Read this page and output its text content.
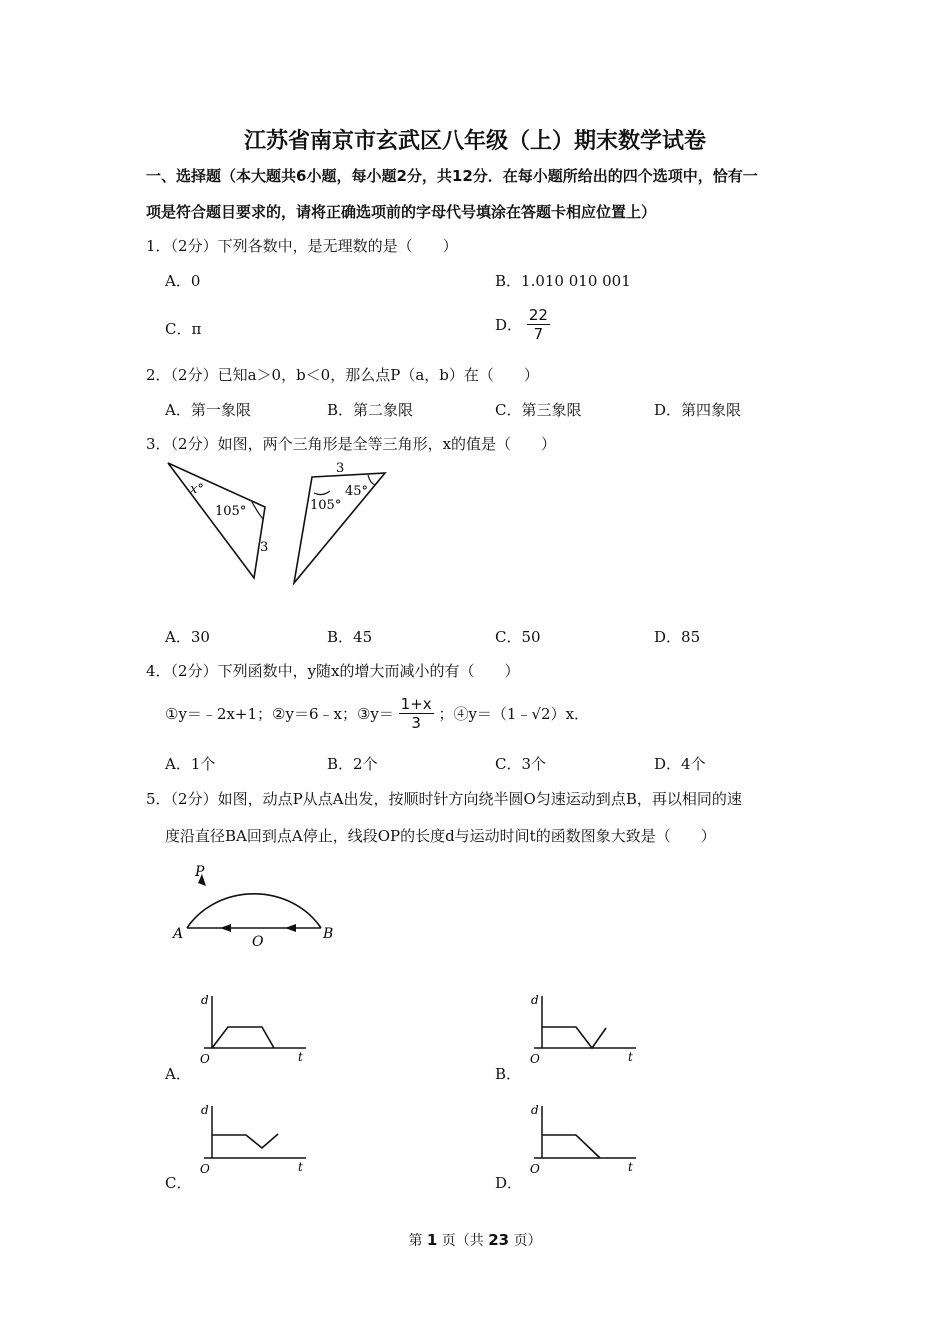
江苏省南京市玄武区八年级（上）期末数学试卷
一、选择题（本大题共6小题，每小题2分，共12分．在每小题所给出的四个选项中，恰有一
项是符合题目要求的，请将正确选项前的字母代号填涂在答题卡相应位置上）
1．（2分）下列各数中，是无理数的是（　　）
A．0	B．1.010 010 001
C．π	D． $\frac{22}{7}$
2．（2分）已知a＞0，b＜0，那么点P（a，b）在（　　）
A．第一象限	B．第二象限	C．第三象限	D．第四象限
3．（2分）如图，两个三角形是全等三角形，x的值是（　　）
x°
105°
3
3
45°
105°
A．30	B．45	C．50	D．85
4．（2分）下列函数中，y随x的增大而减小的有（　　）
①y＝﹣2x+1；②y＝6﹣x；③y＝ $\frac{1+x}{3}$ ；④y＝（1﹣√2）x．
A．1个	B．2个	C．3个	D．4个
5．（2分）如图，动点P从点A出发，按顺时针方向绕半圆O匀速运动到点B，再以相同的速
度沿直径BA回到点A停止，线段OP的长度d与运动时间t的函数图象大致是（　　）
P
A	O	B
A．
d
O	t
B．
d
O	t
C．
d
O	t
D．
d
O	t
第 1 页（共 23 页）
